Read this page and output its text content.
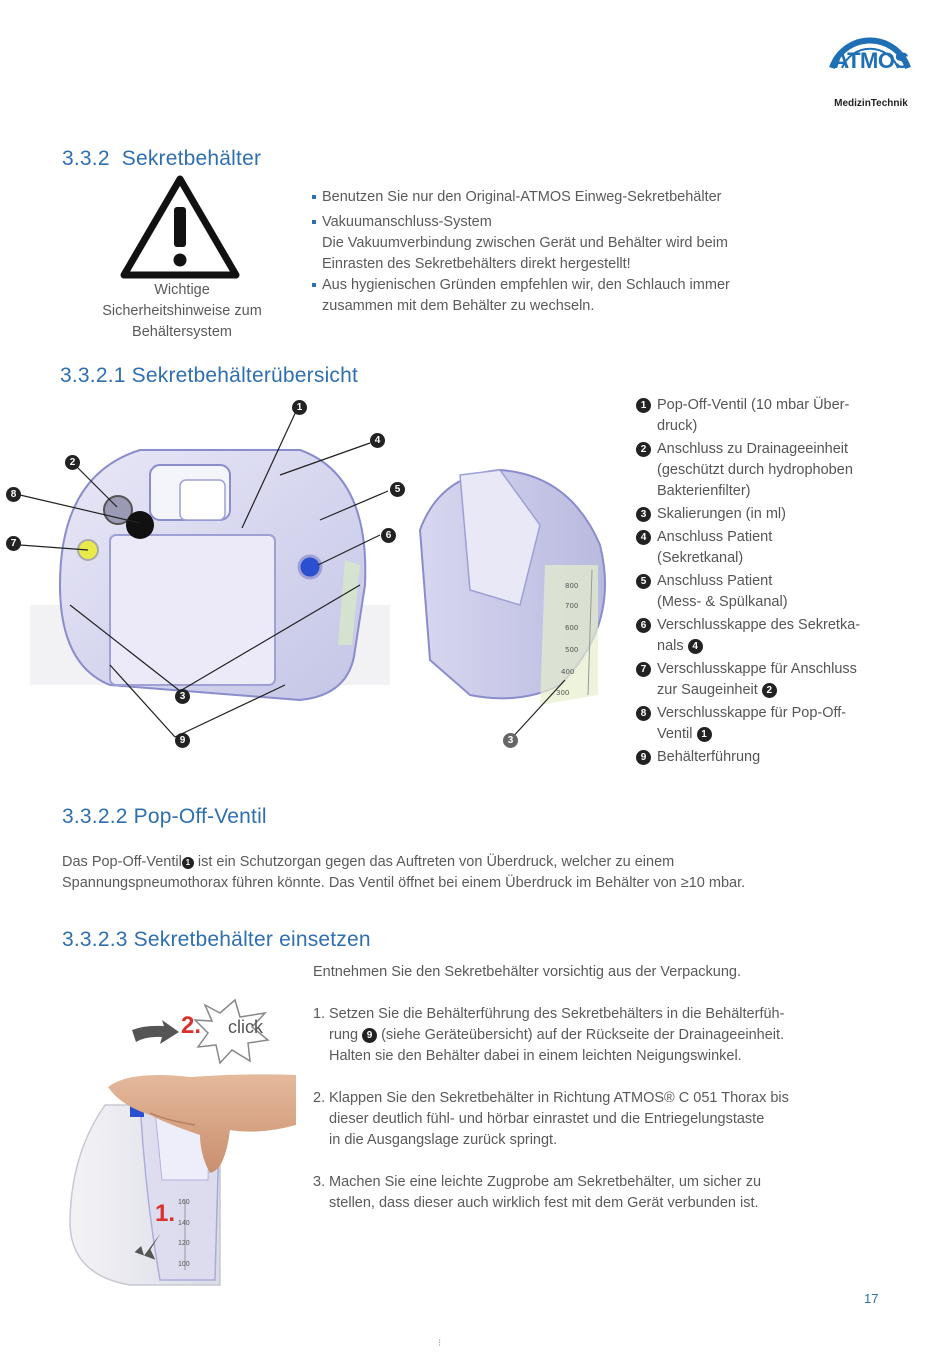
ATMOS
MedizinTechnik
3.3.2  Sekretbehälter
Wichtige
Sicherheitshinweise zum
Behältersystem
Benutzen Sie nur den Original-ATMOS Einweg-Sekretbehälter
Vakuumanschluss-System
Die Vakuumverbindung zwischen Gerät und Behälter wird beim
Einrasten des Sekretbehälters direkt hergestellt!
Aus hygienischen Gründen empfehlen wir, den Schlauch immer
zusammen mit dem Behälter zu wechseln.
3.3.2.1 Sekretbehälterübersicht
800
700
600
500
400
300
1
2
8
7
4
5
6
3
9	3
1 Pop-Off-Ventil (10 mbar Über-
druck)
2 Anschluss zu Drainageeinheit
(geschützt durch hydrophoben
Bakterienfilter)
3 Skalierungen (in ml)
4 Anschluss Patient
(Sekretkanal)
5 Anschluss Patient
(Mess- & Spülkanal)
6 Verschlusskappe des Sekretka-
nals 4
7 Verschlusskappe für Anschluss
zur Saugeinheit 2
8 Verschlusskappe für Pop-Off-
Ventil 1
9 Behälterführung
3.3.2.2 Pop-Off-Ventil
Das Pop-Off-Ventil 1 ist ein Schutzorgan gegen das Auftreten von Überdruck, welcher zu einem
Spannungspneumothorax führen könnte. Das Ventil öffnet bei einem Überdruck im Behälter von ≥10 mbar.
3.3.2.3 Sekretbehälter einsetzen
Entnehmen Sie den Sekretbehälter vorsichtig aus der Verpackung.
2. click
1. 160
140
120
100

1. Setzen Sie die Behälterführung des Sekretbehälters in die Behälterfüh-
rung 9 (siehe Geräteübersicht) auf der Rückseite der Drainageeinheit.
Halten sie den Behälter dabei in einem leichten Neigungswinkel.

2. Klappen Sie den Sekretbehälter in Richtung ATMOS® C 051 Thorax bis
dieser deutlich fühl- und hörbar einrastet und die Entriegelungstaste
in die Ausgangslage zurück springt.

3. Machen Sie eine leichte Zugprobe am Sekretbehälter, um sicher zu
stellen, dass dieser auch wirklich fest mit dem Gerät verbunden ist.

17
⁝
